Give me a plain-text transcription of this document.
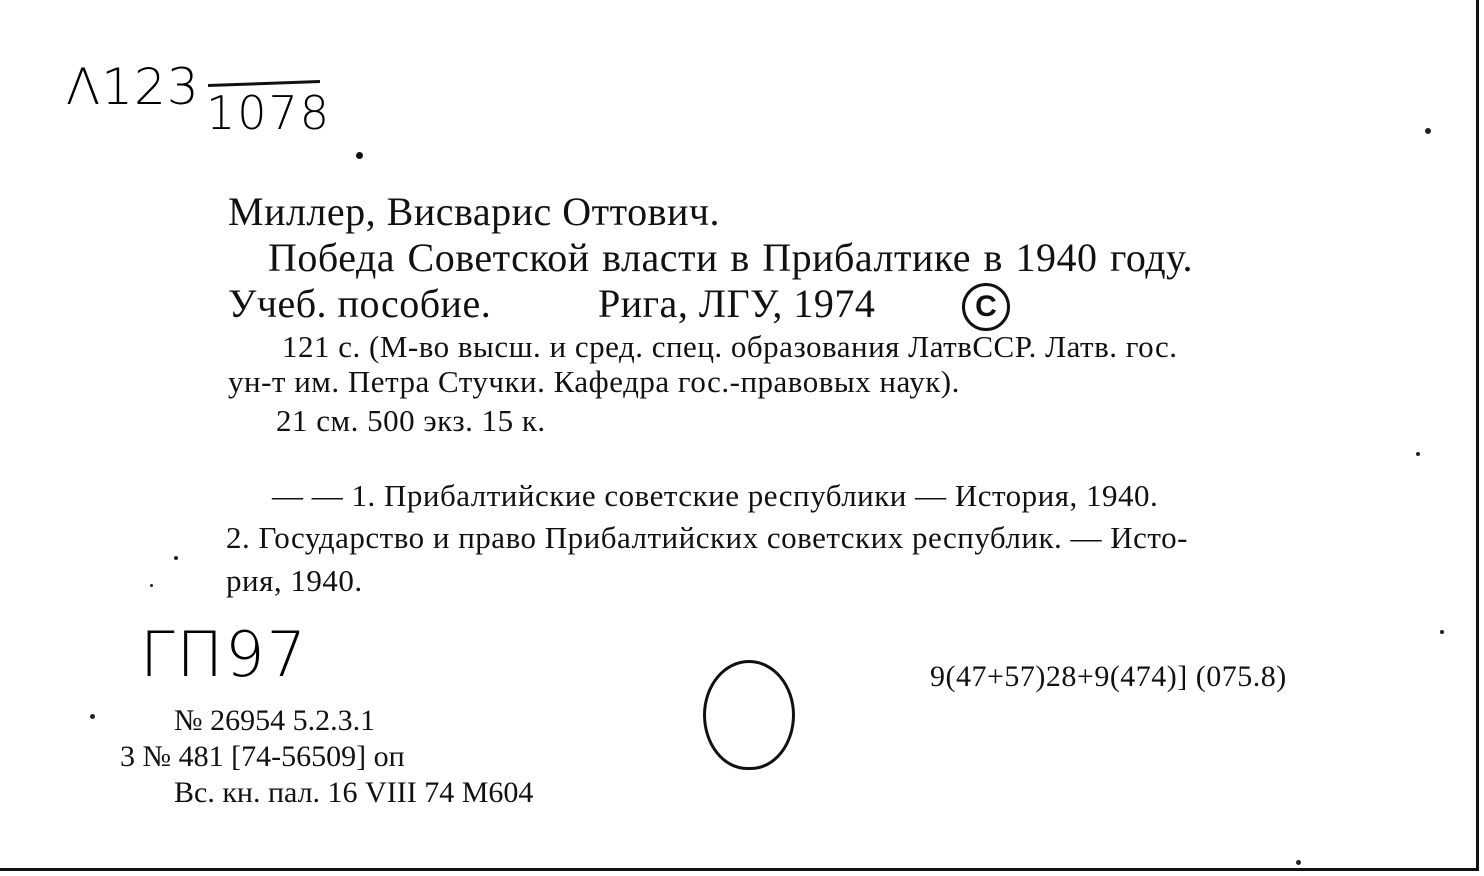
Λ123 1078
Миллер, Висварис Оттович.
Победа Советской власти в Прибалтике в 1940 году.
Учеб. пособие.	Рига, ЛГУ, 1974	C
121 с. (М-во высш. и сред. спец. образования ЛатвССР. Латв. гос.
ун-т им. Петра Стучки. Кафедра гос.-правовых наук).
21 см. 500 экз. 15 к.
— — 1. Прибалтийские советские республики — История, 1940.
2. Государство и право Прибалтийских советских республик. — Исто-
рия, 1940.
ГП97
№ 26954 5.2.3.1
3 № 481 [74-56509] оп
Вс. кн. пал. 16 VIII 74 М604
9(47+57)28+9(474)] (075.8)
